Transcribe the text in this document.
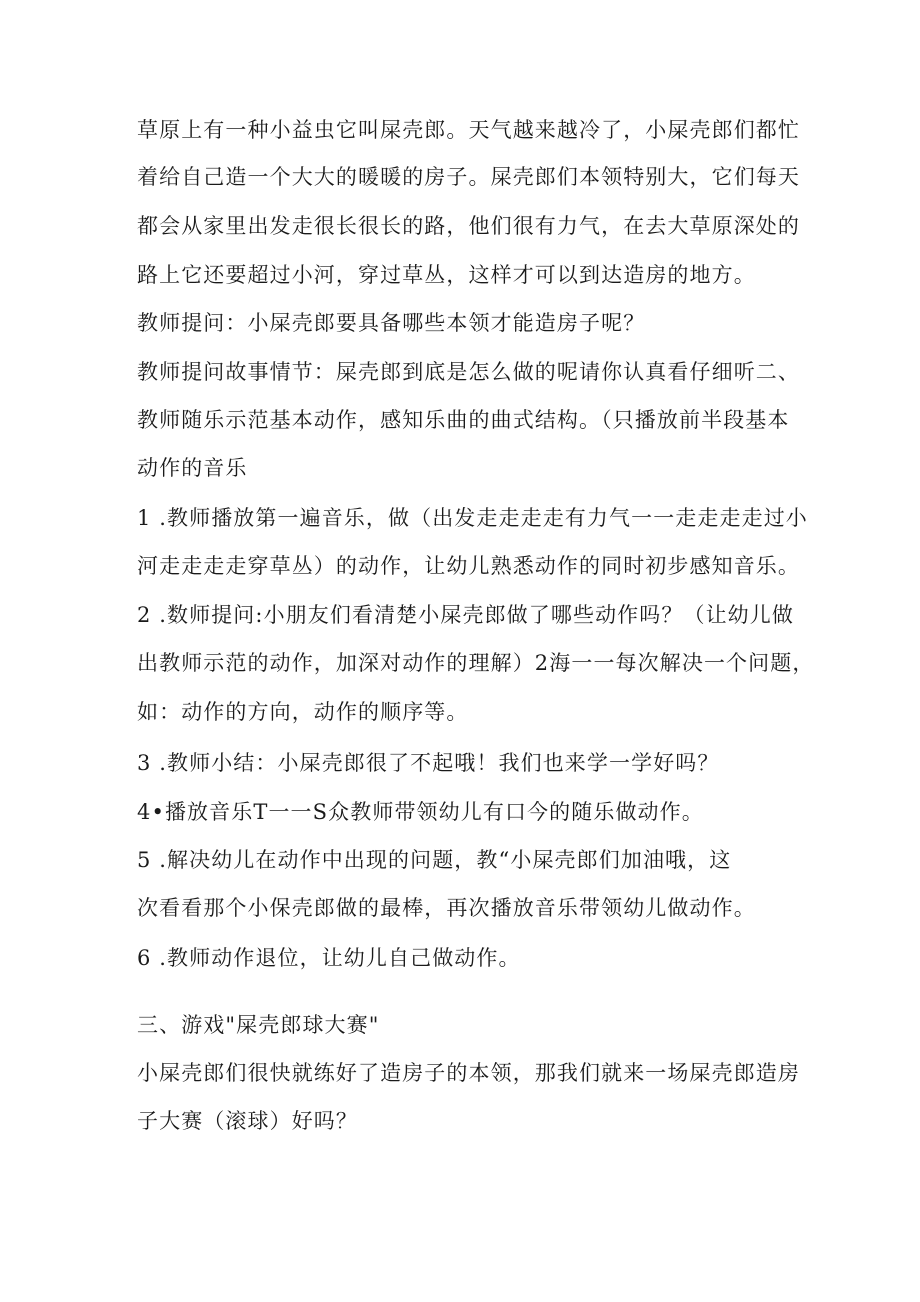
草原上有一种小益虫它叫屎壳郎。天气越来越冷了，小屎壳郎们都忙
着给自己造一个大大的暖暖的房子。屎壳郎们本领特别大，它们每天
都会从家里出发走很长很长的路，他们很有力气，在去大草原深处的
路上它还要超过小河，穿过草丛，这样才可以到达造房的地方。
教师提问：小屎壳郎要具备哪些本领才能造房子呢？
教师提问故事情节：屎壳郎到底是怎么做的呢请你认真看仔细听二、
教师随乐示范基本动作，感知乐曲的曲式结构。（只播放前半段基本
动作的音乐
1 .教师播放第一遍音乐，做（出发走走走走有力气一一走走走走过小
河走走走走穿草丛）的动作，让幼儿熟悉动作的同时初步感知音乐。
2 .数师提问:小朋友们看清楚小屎壳郎做了哪些动作吗？（让幼儿做
出教师示范的动作，加深对动作的理解）2海一一每次解决一个问题，
如：动作的方向，动作的顺序等。
3 .教师小结：小屎壳郎很了不起哦！我们也来学一学好吗？
4•播放音乐T一一S众教师带领幼儿有口今的随乐做动作。
5 .解决幼儿在动作中出现的问题，教“小屎壳郎们加油哦，这
次看看那个小保壳郎做的最棒，再次播放音乐带领幼儿做动作。
6 .教师动作退位，让幼儿自己做动作。
三、游戏"屎壳郎球大赛"
小屎壳郎们很快就练好了造房子的本领，那我们就来一场屎壳郎造房
子大赛（滚球）好吗？
